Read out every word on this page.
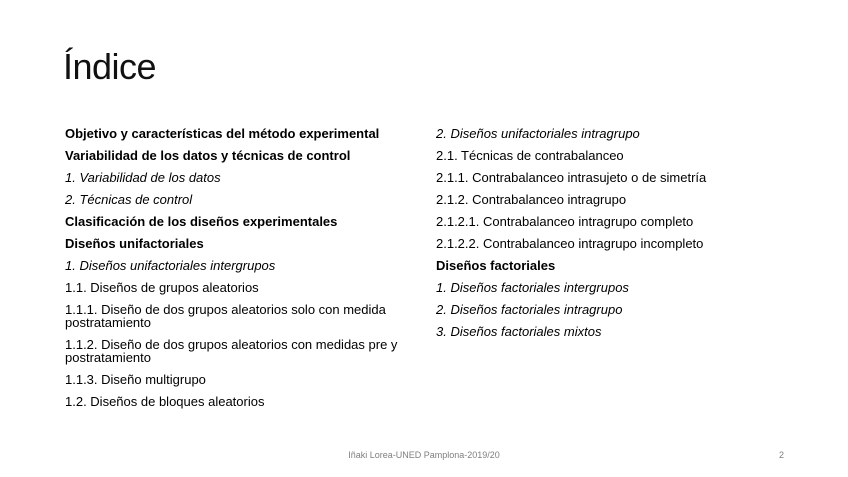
Índice
Objetivo y características del método experimental
Variabilidad de los datos y técnicas de control
1. Variabilidad de los datos
2. Técnicas de control
Clasificación de los diseños experimentales
Diseños unifactoriales
1. Diseños unifactoriales intergrupos
1.1. Diseños de grupos aleatorios
1.1.1. Diseño de dos grupos aleatorios solo con medida postratamiento
1.1.2. Diseño de dos grupos aleatorios con medidas pre y postratamiento
1.1.3. Diseño multigrupo
1.2. Diseños de bloques aleatorios
2. Diseños unifactoriales intragrupo
2.1. Técnicas de contrabalanceo
2.1.1. Contrabalanceo intrasujeto o de simetría
2.1.2. Contrabalanceo intragrupo
2.1.2.1. Contrabalanceo intragrupo completo
2.1.2.2. Contrabalanceo intragrupo incompleto
Diseños factoriales
1. Diseños factoriales intergrupos
2. Diseños factoriales intragrupo
3. Diseños factoriales mixtos
Iñaki Lorea-UNED Pamplona-2019/20	2
